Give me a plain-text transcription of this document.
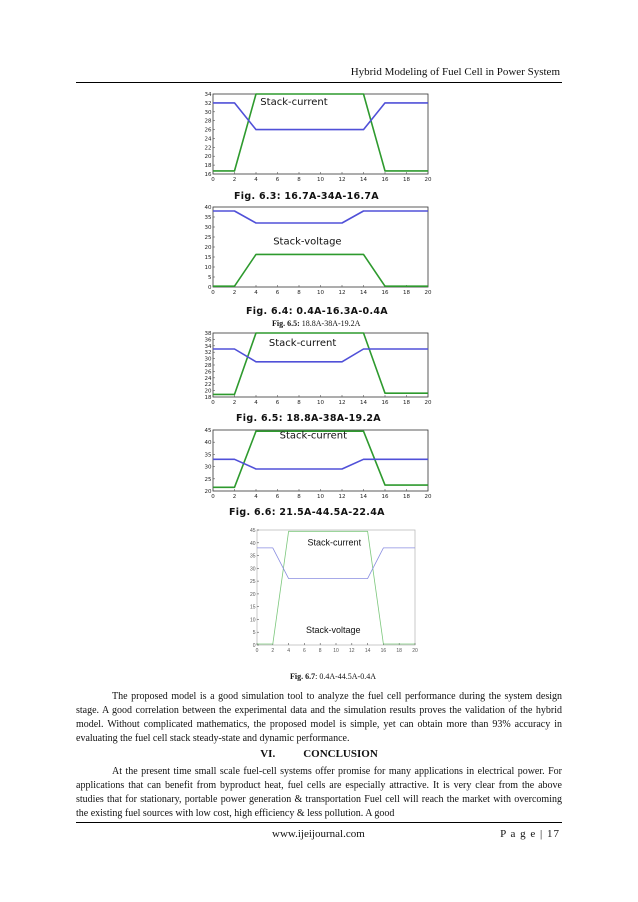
Hybrid Modeling of Fuel Cell in Power System
16
18
20
22
24
26
28
30
32
34
0	2	4	6	8	10	12	14	16	18	20
Stack-current
Fig. 6.3: 16.7A-34A-16.7A
0
5
10
15
20
25
30
35
40
0	2	4	6	8	10	12	14	16	18	20
Stack-voltage
Fig. 6.4: 0.4A-16.3A-0.4A
Fig. 6.5: 18.8A-38A-19.2A
18
20
22
24
26
28
30
32
34
36
38
0	2	4	6	8	10	12	14	16	18	20
Stack-current
Fig. 6.5: 18.8A-38A-19.2A
20
25
30
35
40
45
0	2	4	6	8	10	12	14	16	18	20
Stack-current
Fig. 6.6: 21.5A-44.5A-22.4A
0
5
10
15
20
25
30
35
40
45
0	2	4	6	8 10 12 14 16 18 20
Stack-current
Stack-voltage
Fig. 6.7: 0.4A-44.5A-0.4A

The proposed model is a good simulation tool to analyze the fuel cell performance during the system design stage. A good correlation between the experimental data and the simulation results proves the validation of the hybrid model. Without complicated mathematics, the proposed model is simple, yet can obtain more than 93% accuracy in evaluating the fuel cell stack steady-state and dynamic performance.

VI.	CONCLUSION

At the present time small scale fuel-cell systems offer promise for many applications in electrical power. For applications that can benefit from byproduct heat, fuel cells are especially attractive. It is very clear from the above studies that for stationary, portable power generation & transportation Fuel cell will reach the market with overcoming the existing fuel sources with low cost, high efficiency & less pollution. A good

www.ijeijournal.com	P a g e | 17
